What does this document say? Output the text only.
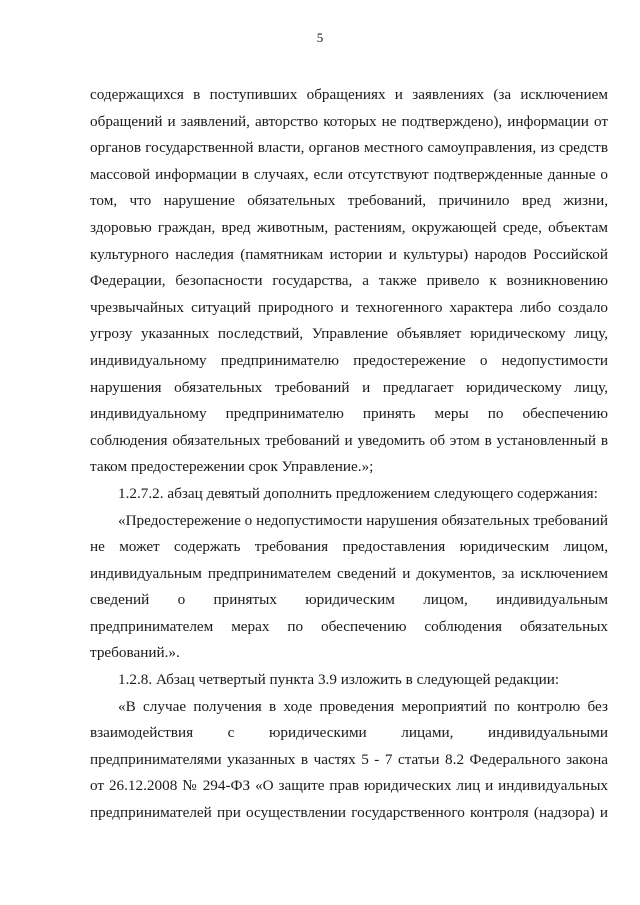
5

содержащихся в поступивших обращениях и заявлениях (за исключением обращений и заявлений, авторство которых не подтверждено), информации от органов государственной власти, органов местного самоуправления, из средств массовой информации в случаях, если отсутствуют подтвержденные данные о том, что нарушение обязательных требований, причинило вред жизни, здоровью граждан, вред животным, растениям, окружающей среде, объектам культурного наследия (памятникам истории и культуры) народов Российской Федерации, безопасности государства, а также привело к возникновению чрезвычайных ситуаций природного и техногенного характера либо создало угрозу указанных последствий, Управление объявляет юридическому лицу, индивидуальному предпринимателю предостережение о недопустимости нарушения обязательных требований и предлагает юридическому лицу, индивидуальному предпринимателю принять меры по обеспечению соблюдения обязательных требований и уведомить об этом в установленный в таком предостережении срок Управление.»;

1.2.7.2. абзац девятый дополнить предложением следующего содержания:

«Предостережение о недопустимости нарушения обязательных требований не может содержать требования предоставления юридическим лицом, индивидуальным предпринимателем сведений и документов, за исключением сведений о принятых юридическим лицом, индивидуальным предпринимателем мерах по обеспечению соблюдения обязательных требований.».

1.2.8. Абзац четвертый пункта 3.9 изложить в следующей редакции:

«В случае получения в ходе проведения мероприятий по контролю без взаимодействия с юридическими лицами, индивидуальными предпринимателями указанных в частях 5 - 7 статьи 8.2 Федерального закона от 26.12.2008 № 294-ФЗ «О защите прав юридических лиц и индивидуальных предпринимателей при осуществлении государственного контроля (надзора) и
